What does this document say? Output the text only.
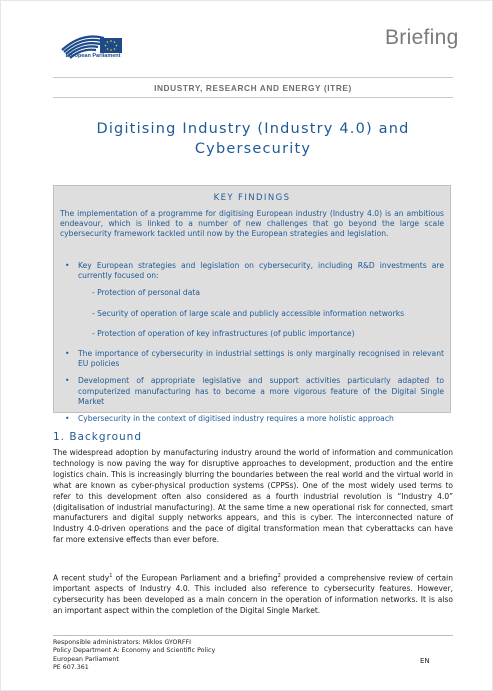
European Parliament
Briefing
INDUSTRY, RESEARCH AND ENERGY (ITRE)
Digitising Industry (Industry 4.0) and
Cybersecurity
KEY FINDINGS
The implementation of a programme for digitising European industry (Industry 4.0) is an ambitious endeavour, which is linked to a number of new challenges that go beyond the large scale cybersecurity framework tackled until now by the European strategies and legislation.
• Key European strategies and legislation on cybersecurity, including R&D investments are currently focused on:
- Protection of personal data
- Security of operation of large scale and publicly accessible information networks
- Protection of operation of key infrastructures (of public importance)
• The importance of cybersecurity in industrial settings is only marginally recognised in relevant EU policies
• Development of appropriate legislative and support activities particularly adapted to computerized manufacturing has to become a more vigorous feature of the Digital Single Market
• Cybersecurity in the context of digitised industry requires a more holistic approach
1. Background
The widespread adoption by manufacturing industry around the world of information and communication technology is now paving the way for disruptive approaches to development, production and the entire logistics chain. This is increasingly blurring the boundaries between the real world and the virtual world in what are known as cyber-physical production systems (CPPSs). One of the most widely used terms to refer to this development often also considered as a fourth industrial revolution is “Industry 4.0” (digitalisation of industrial manufacturing). At the same time a new operational risk for connected, smart manufacturers and digital supply networks appears, and this is cyber. The interconnected nature of Industry 4.0-driven operations and the pace of digital transformation mean that cyberattacks can have far more extensive effects than ever before.
A recent study$^1$ of the European Parliament and a briefing$^2$ provided a comprehensive review of certain important aspects of Industry 4.0. This included also reference to cybersecurity features. However, cybersecurity has been developed as a main concern in the operation of information networks. It is also an important aspect within the completion of the Digital Single Market.
Responsible administrators: Miklos GYORFFI
Policy Department A: Economy and Scientific Policy
European Parliament
PE 607.361
EN
